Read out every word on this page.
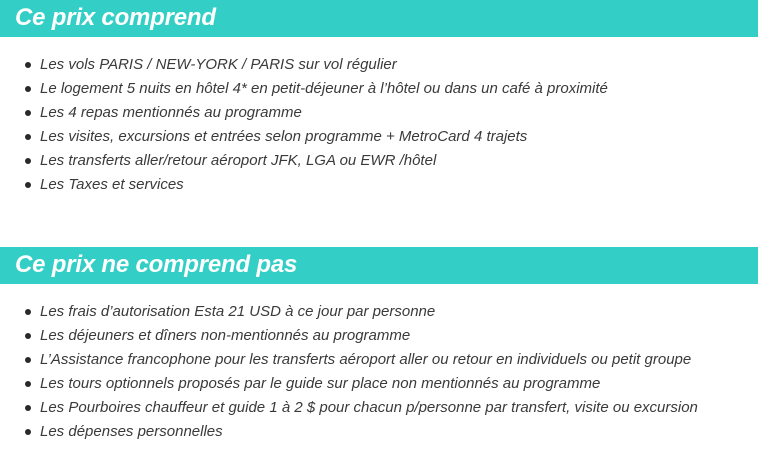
Ce prix comprend
Les vols PARIS / NEW-YORK / PARIS sur vol régulier
Le logement 5 nuits en hôtel 4* en petit-déjeuner à l’hôtel ou dans un café à proximité
Les 4 repas mentionnés au programme
Les visites, excursions et entrées selon programme + MetroCard 4 trajets
Les transferts aller/retour aéroport JFK, LGA ou EWR /hôtel
Les Taxes et services
Ce prix ne comprend pas
Les frais d’autorisation Esta 21 USD à ce jour par personne
Les déjeuners et dîners non-mentionnés au programme
L’Assistance francophone pour les transferts aéroport aller ou retour en individuels ou petit groupe
Les tours optionnels proposés par le guide sur place non mentionnés au programme
Les Pourboires chauffeur et guide 1 à 2 $ pour chacun p/personne par transfert, visite ou excursion
Les dépenses personnelles
